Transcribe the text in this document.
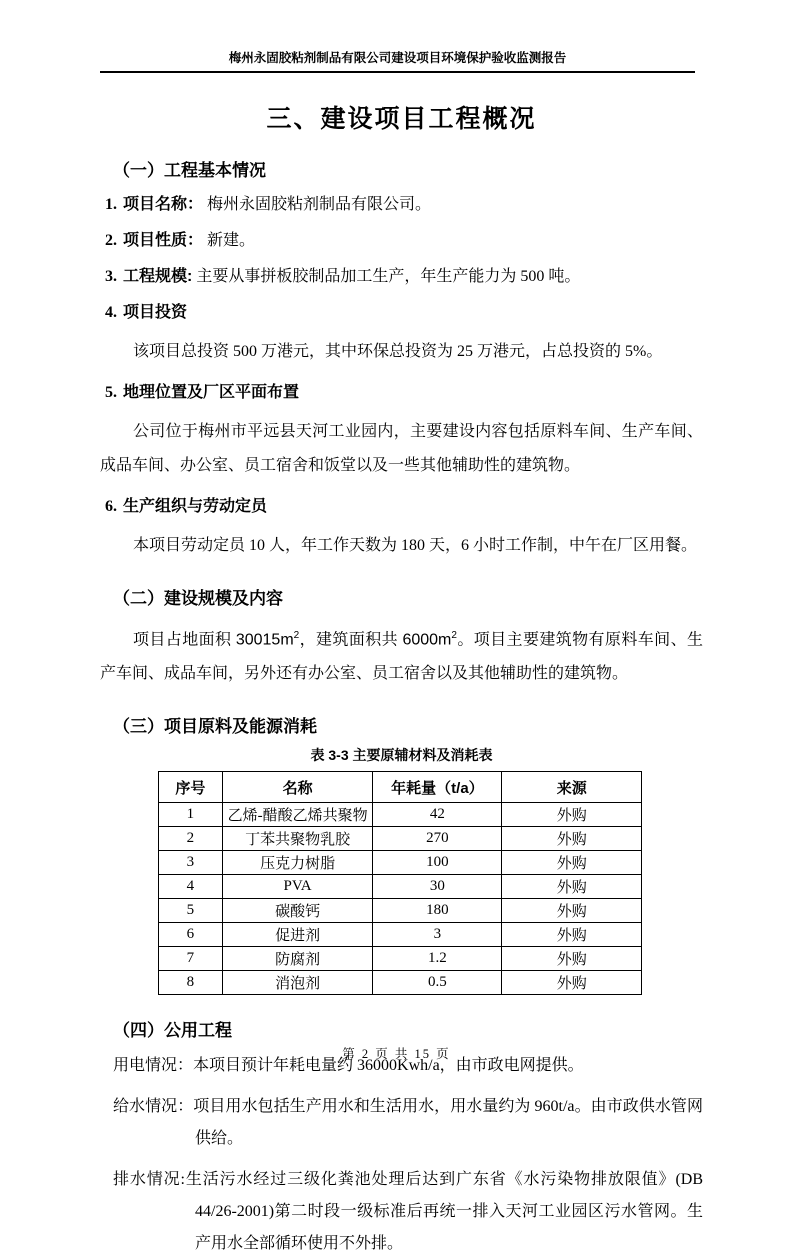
梅州永固胶粘剂制品有限公司建设项目环境保护验收监测报告
三、建设项目工程概况
（一）工程基本情况

1. 项目名称： 梅州永固胶粘剂制品有限公司。

2. 项目性质： 新建。

3. 工程规模: 主要从事拼板胶制品加工生产，年生产能力为 500 吨。

4. 项目投资

该项目总投资 500 万港元，其中环保总投资为 25 万港元，占总投资的 5%。

5. 地理位置及厂区平面布置

公司位于梅州市平远县天河工业园内，主要建设内容包括原料车间、生产车间、成品车间、办公室、员工宿舍和饭堂以及一些其他辅助性的建筑物。

6. 生产组织与劳动定员

本项目劳动定员 10 人，年工作天数为 180 天，6 小时工作制，中午在厂区用餐。

（二）建设规模及内容

项目占地面积 $30015m^2$，建筑面积共 $6000m^2$。项目主要建筑物有原料车间、生产车间、成品车间，另外还有办公室、员工宿舍以及其他辅助性的建筑物。

（三）项目原料及能源消耗
表 3-3 主要原辅材料及消耗表
序号	名称	年耗量（t/a）	来源
1	乙烯-醋酸乙烯共聚物	42	外购
2	丁苯共聚物乳胶	270	外购
3	压克力树脂	100	外购
4	PVA	30	外购
5	碳酸钙	180	外购
6	促进剂	3	外购
7	防腐剂	1.2	外购
8	消泡剂	0.5	外购
（四）公用工程

用电情况：本项目预计年耗电量约 36000Kwh/a，由市政电网提供。

给水情况：项目用水包括生产用水和生活用水，用水量约为 960t/a。由市政供水管网供给。

排水情况:生活污水经过三级化粪池处理后达到广东省《水污染物排放限值》(DB 44/26-2001)第二时段一级标准后再统一排入天河工业园区污水管网。生产用水全部循环使用不外排。

第 2 页 共 15 页
